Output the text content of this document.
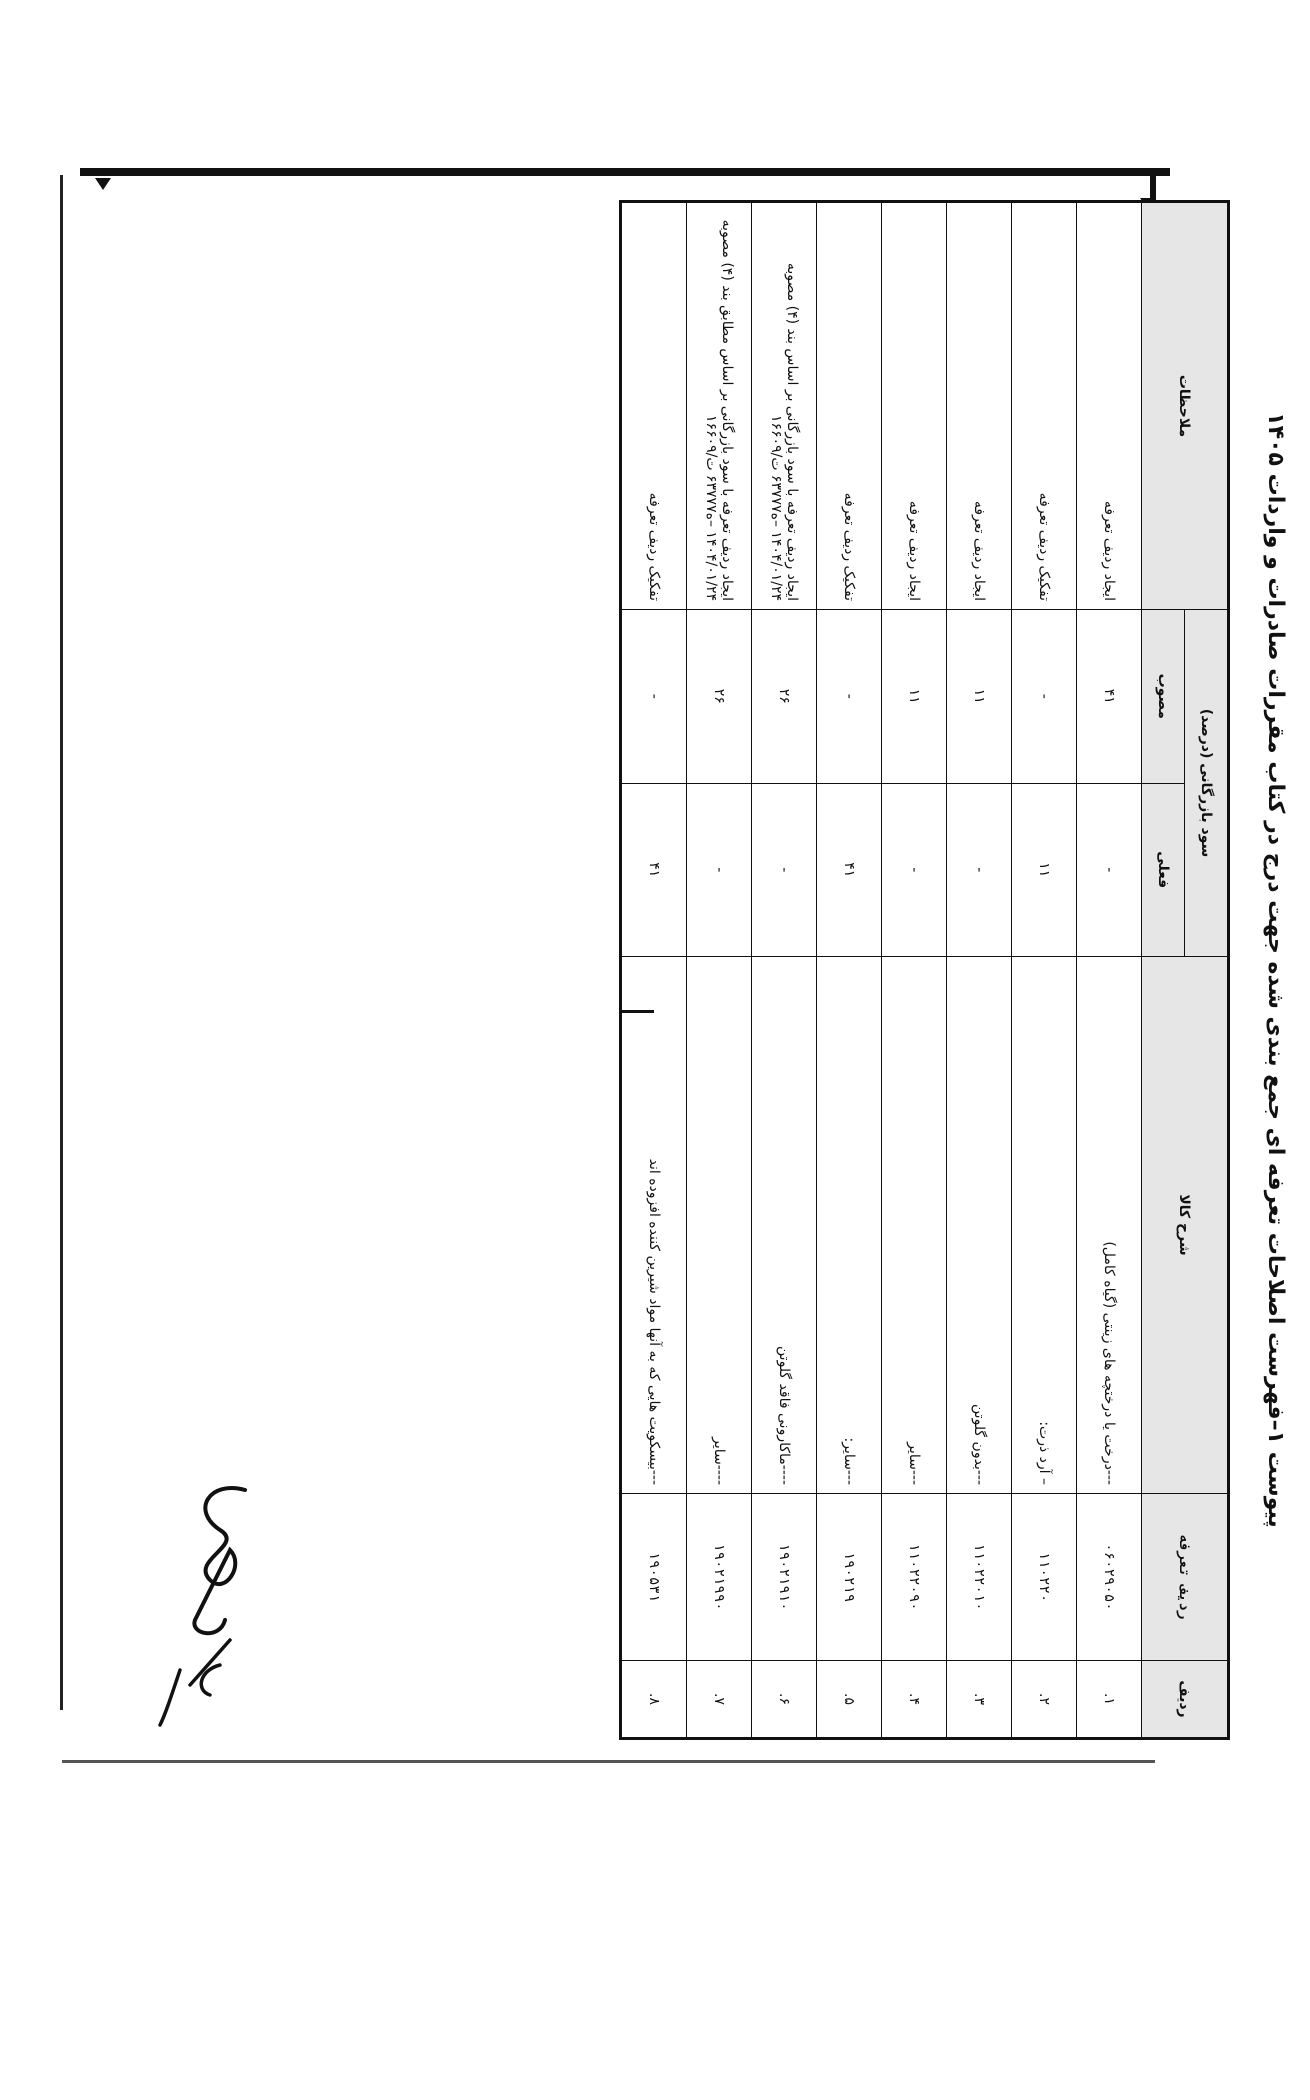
پیوست ۱–فهرست اصلاحات تعرفه ای جمع بندی شده جهت درج در کتاب مقررات صادرات و واردات ۱۴۰۵
ردیف	ردیف تعرفه	شرح کالا	سود بازرگانی (درصد)		ملاحظات
			فعلی	مصوب	
۱.	۰۶۰۲۹۰۵۰	---درخت یا درختچه های زینتی (گیاه کامل)	-	۴۱	ایجاد ردیف تعرفه
۲.	۱۱۰۲۲۰	– آرد ذرت:	۱۱	-	تفکیک ردیف تعرفه
۳.	۱۱۰۲۲۰۱۰	---بدون گلوتن	-	۱۱	ایجاد ردیف تعرفه
۴.	۱۱۰۲۲۰۹۰	---سایر	-	۱۱	ایجاد ردیف تعرفه
۵.	۱۹۰۲۱۹	---سایر:	۴۱	-	تفکیک ردیف تعرفه
۶.	۱۹۰۲۱۹۱۰	----ماکارونی فاقد گلوتن	-	۲۶	ایجاد ردیف تعرفه با سود بازرگانی بر اساس بند (۴) مصوبه ۱۴۰۴/۰۱/۲۴ –ه۶۳۷۷۷ ت/۱۶۶۰۹
۷.	۱۹۰۲۱۹۹۰	----سایر	-	۲۶	ایجاد ردیف تعرفه با سود بازرگانی بر اساس مطابق بند (۴) مصوبه ۱۴۰۴/۰۱/۲۴ –ه۶۳۷۷۷ ت/۱۶۶۰۹
۸.	۱۹۰۵۳۱	---بیسکویت هایی که به آنها مواد شیرین کننده افزوده اند	۴۱	-	تفکیک ردیف تعرفه
